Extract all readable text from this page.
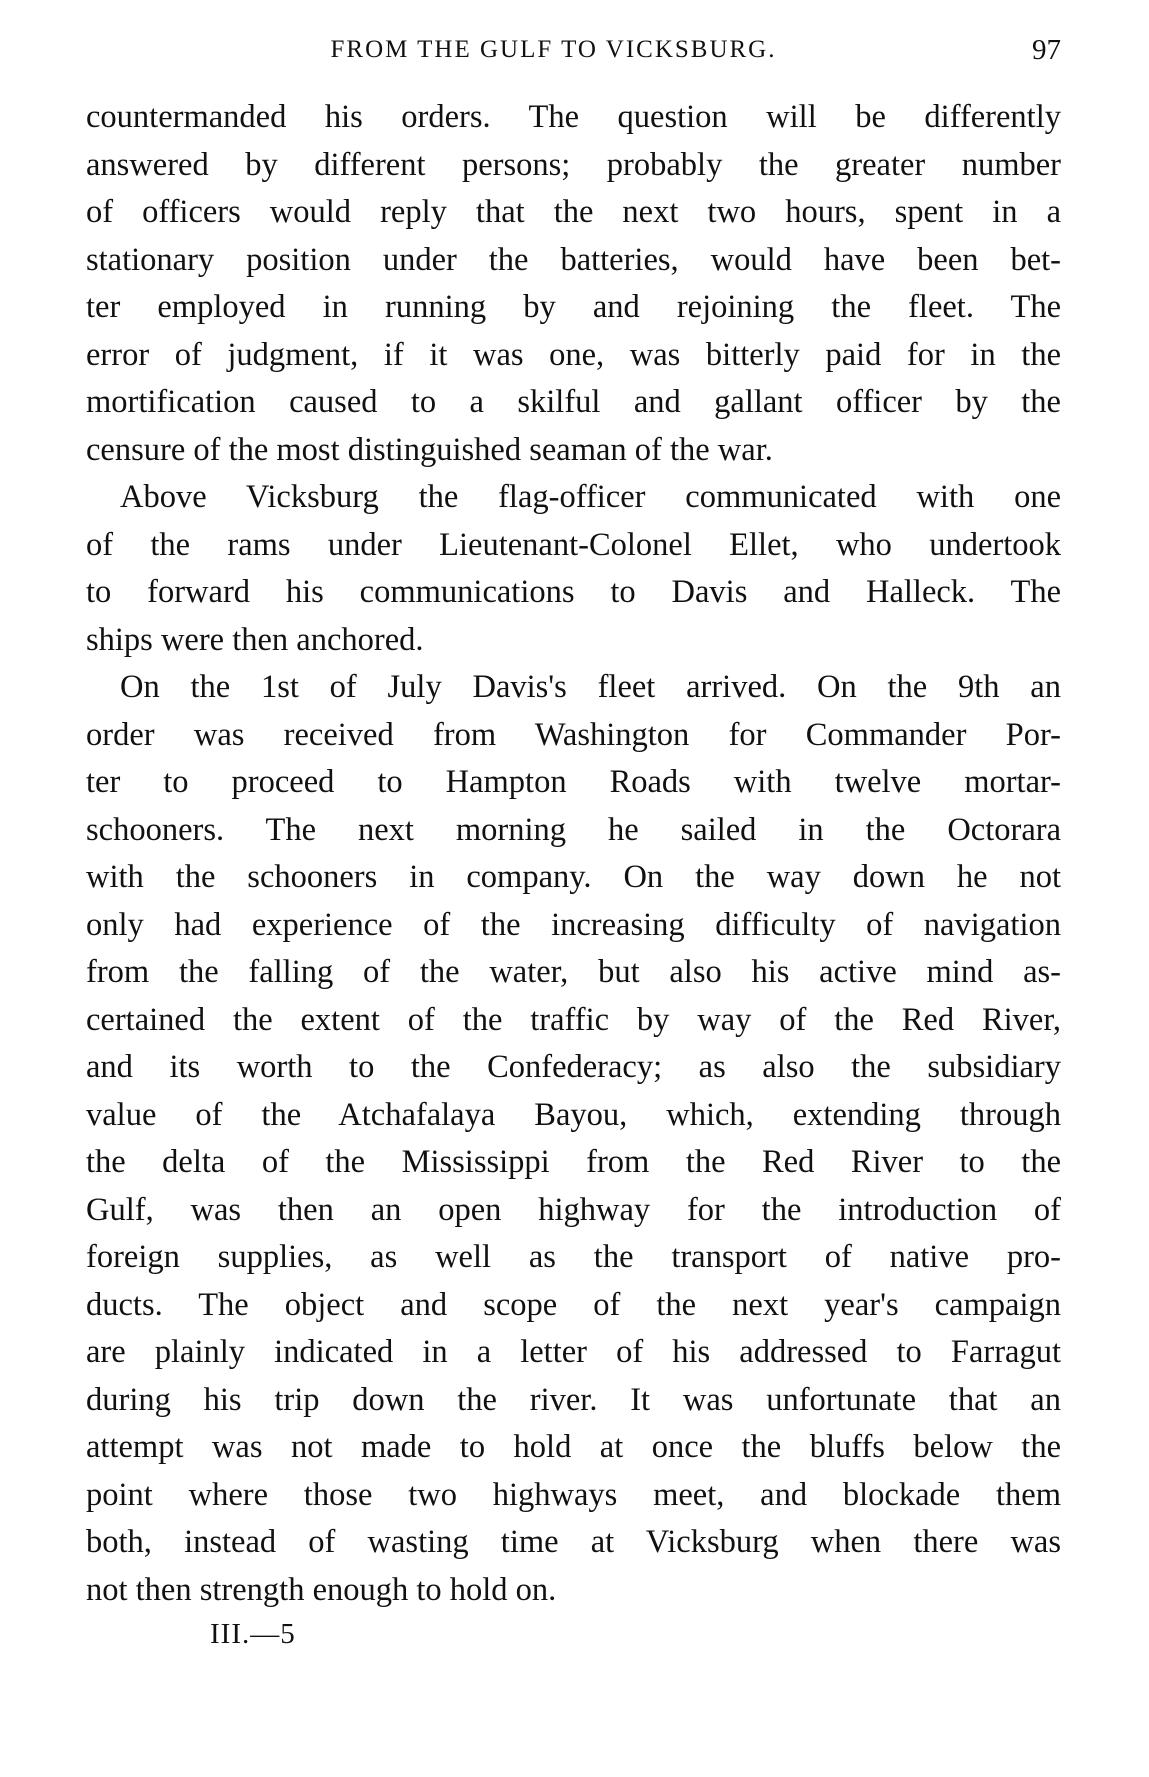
FROM THE GULF TO VICKSBURG.	97

countermanded his orders. The question will be differently
answered by different persons; probably the greater number
of officers would reply that the next two hours, spent in a
stationary position under the batteries, would have been bet-
ter employed in running by and rejoining the fleet. The
error of judgment, if it was one, was bitterly paid for in the
mortification caused to a skilful and gallant officer by the
censure of the most distinguished seaman of the war.

Above Vicksburg the flag-officer communicated with one
of the rams under Lieutenant-Colonel Ellet, who undertook
to forward his communications to Davis and Halleck. The
ships were then anchored.

On the 1st of July Davis's fleet arrived. On the 9th an
order was received from Washington for Commander Por-
ter to proceed to Hampton Roads with twelve mortar-
schooners. The next morning he sailed in the Octorara
with the schooners in company. On the way down he not
only had experience of the increasing difficulty of navigation
from the falling of the water, but also his active mind as-
certained the extent of the traffic by way of the Red River,
and its worth to the Confederacy; as also the subsidiary
value of the Atchafalaya Bayou, which, extending through
the delta of the Mississippi from the Red River to the
Gulf, was then an open highway for the introduction of
foreign supplies, as well as the transport of native pro-
ducts. The object and scope of the next year's campaign
are plainly indicated in a letter of his addressed to Farragut
during his trip down the river. It was unfortunate that an
attempt was not made to hold at once the bluffs below the
point where those two highways meet, and blockade them
both, instead of wasting time at Vicksburg when there was
not then strength enough to hold on.

III.—5
